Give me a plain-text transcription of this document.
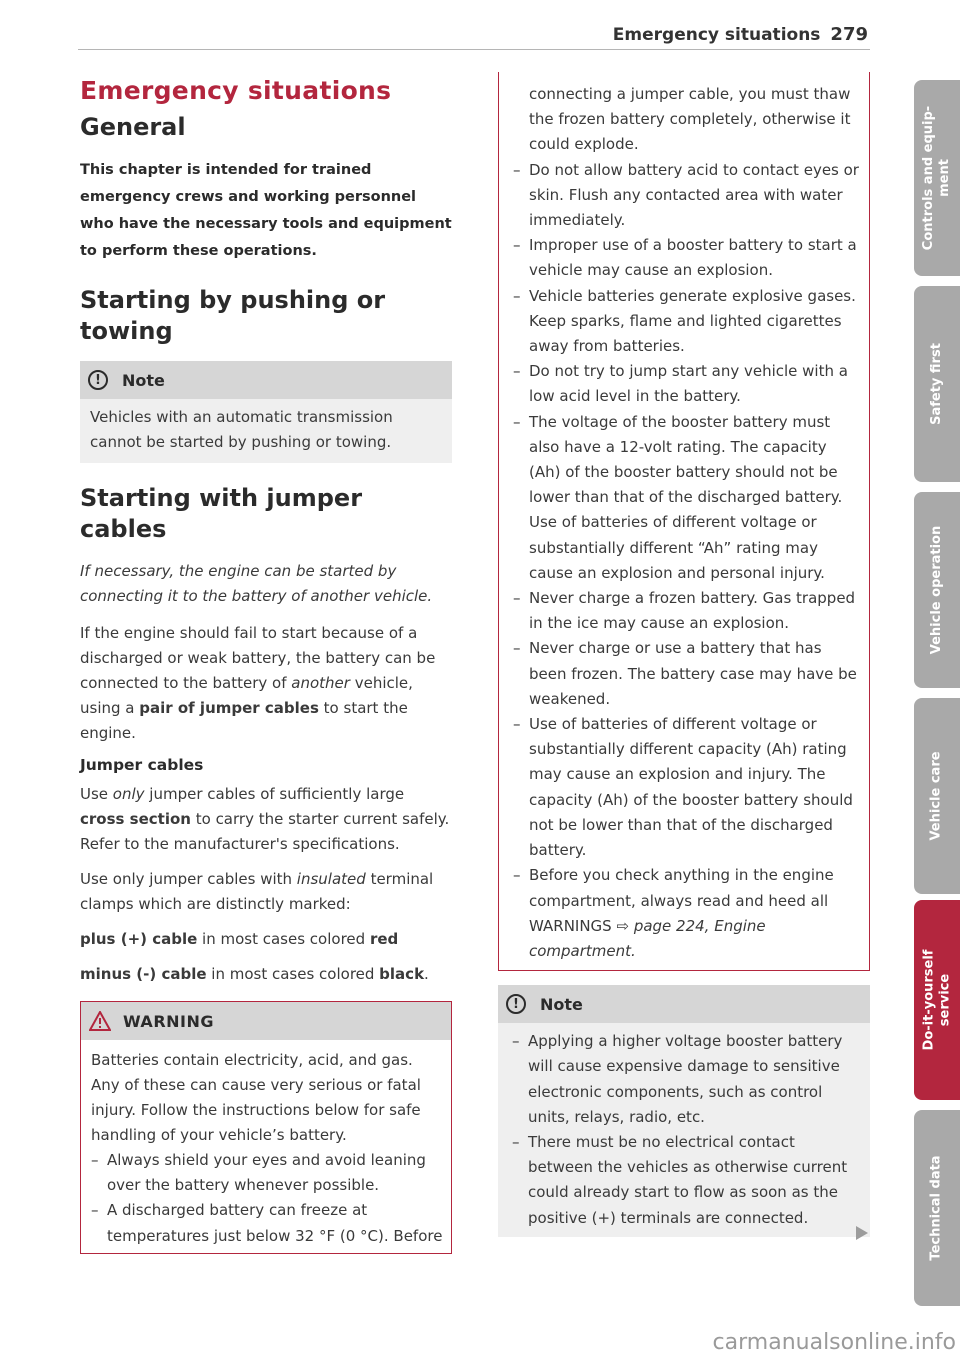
Emergency situations 279
Emergency situations
General

This chapter is intended for trained emergency crews and working personnel who have the necessary tools and equipment to perform these operations.

Starting by pushing or towing
!	Note
Vehicles with an automatic transmission cannot be started by pushing or towing.
Starting with jumper cables

If necessary, the engine can be started by connecting it to the battery of another vehicle.

If the engine should fail to start because of a discharged or weak battery, the battery can be connected to the battery of another vehicle, using a pair of jumper cables to start the engine.

Jumper cables

Use only jumper cables of sufficiently large cross section to carry the starter current safely. Refer to the manufacturer's specifications.

Use only jumper cables with insulated terminal clamps which are distinctly marked:

plus (+) cable in most cases colored red

minus (-) cable in most cases colored black.

WARNING
Batteries contain electricity, acid, and gas. Any of these can cause very serious or fatal injury. Follow the instructions below for safe handling of your vehicle’s battery.
– Always shield your eyes and avoid leaning over the battery whenever possible.
– A discharged battery can freeze at temperatures just below 32 °F (0 °C). Before
connecting a jumper cable, you must thaw the frozen battery completely, otherwise it could explode.
– Do not allow battery acid to contact eyes or skin. Flush any contacted area with water immediately.
– Improper use of a booster battery to start a vehicle may cause an explosion.
– Vehicle batteries generate explosive gases. Keep sparks, flame and lighted cigarettes away from batteries.
– Do not try to jump start any vehicle with a low acid level in the battery.
– The voltage of the booster battery must also have a 12-volt rating. The capacity (Ah) of the booster battery should not be lower than that of the discharged battery. Use of batteries of different voltage or substantially different “Ah” rating may cause an explosion and personal injury.
– Never charge a frozen battery. Gas trapped in the ice may cause an explosion.
– Never charge or use a battery that has been frozen. The battery case may have be weakened.
– Use of batteries of different voltage or substantially different capacity (Ah) rating may cause an explosion and injury. The capacity (Ah) of the booster battery should not be lower than that of the discharged battery.
– Before you check anything in the engine compartment, always read and heed all WARNINGS ⇨ page 224, Engine compartment.
!	Note
– Applying a higher voltage booster battery will cause expensive damage to sensitive electronic components, such as control units, relays, radio, etc.
– There must be no electrical contact between the vehicles as otherwise current could already start to flow as soon as the positive (+) terminals are connected.
Controls and equip- ment
Safety first
Vehicle operation
Vehicle care
Do-it-yourself service
Technical data
carmanualsonline.info
